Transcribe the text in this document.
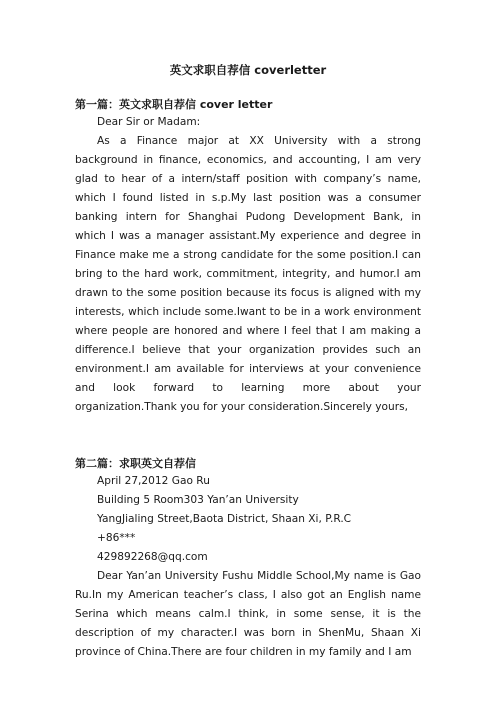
英文求职自荐信 coverletter
第一篇：英文求职自荐信 cover letter
Dear Sir or Madam:

As a Finance major at XX University with a strong background in finance, economics, and accounting, I am very glad to hear of a intern/staff position with company’s name, which I found listed in s.p.My last position was a consumer banking intern for Shanghai Pudong Development Bank, in which I was a manager assistant.My experience and degree in Finance make me a strong candidate for the some position.I can bring to the hard work, commitment, integrity, and humor.I am drawn to the some position because its focus is aligned with my interests, which include some.Iwant to be in a work environment where people are honored and where I feel that I am making a difference.I believe that your organization provides such an environment.I am available for interviews at your convenience and look forward to learning more about your organization.Thank you for your consideration.Sincerely yours,

第二篇：求职英文自荐信
April 27,2012 Gao Ru
Building 5 Room303 Yan’an University
YangJialing Street,Baota District, Shaan Xi, P.R.C
+86***
429892268@qq.com

Dear Yan’an University Fushu Middle School,My name is Gao Ru.In my American teacher’s class, I also got an English name Serina which means calm.I think, in some sense, it is the description of my character.I was born in ShenMu, Shaan Xi province of China.There are four children in my family and I am
